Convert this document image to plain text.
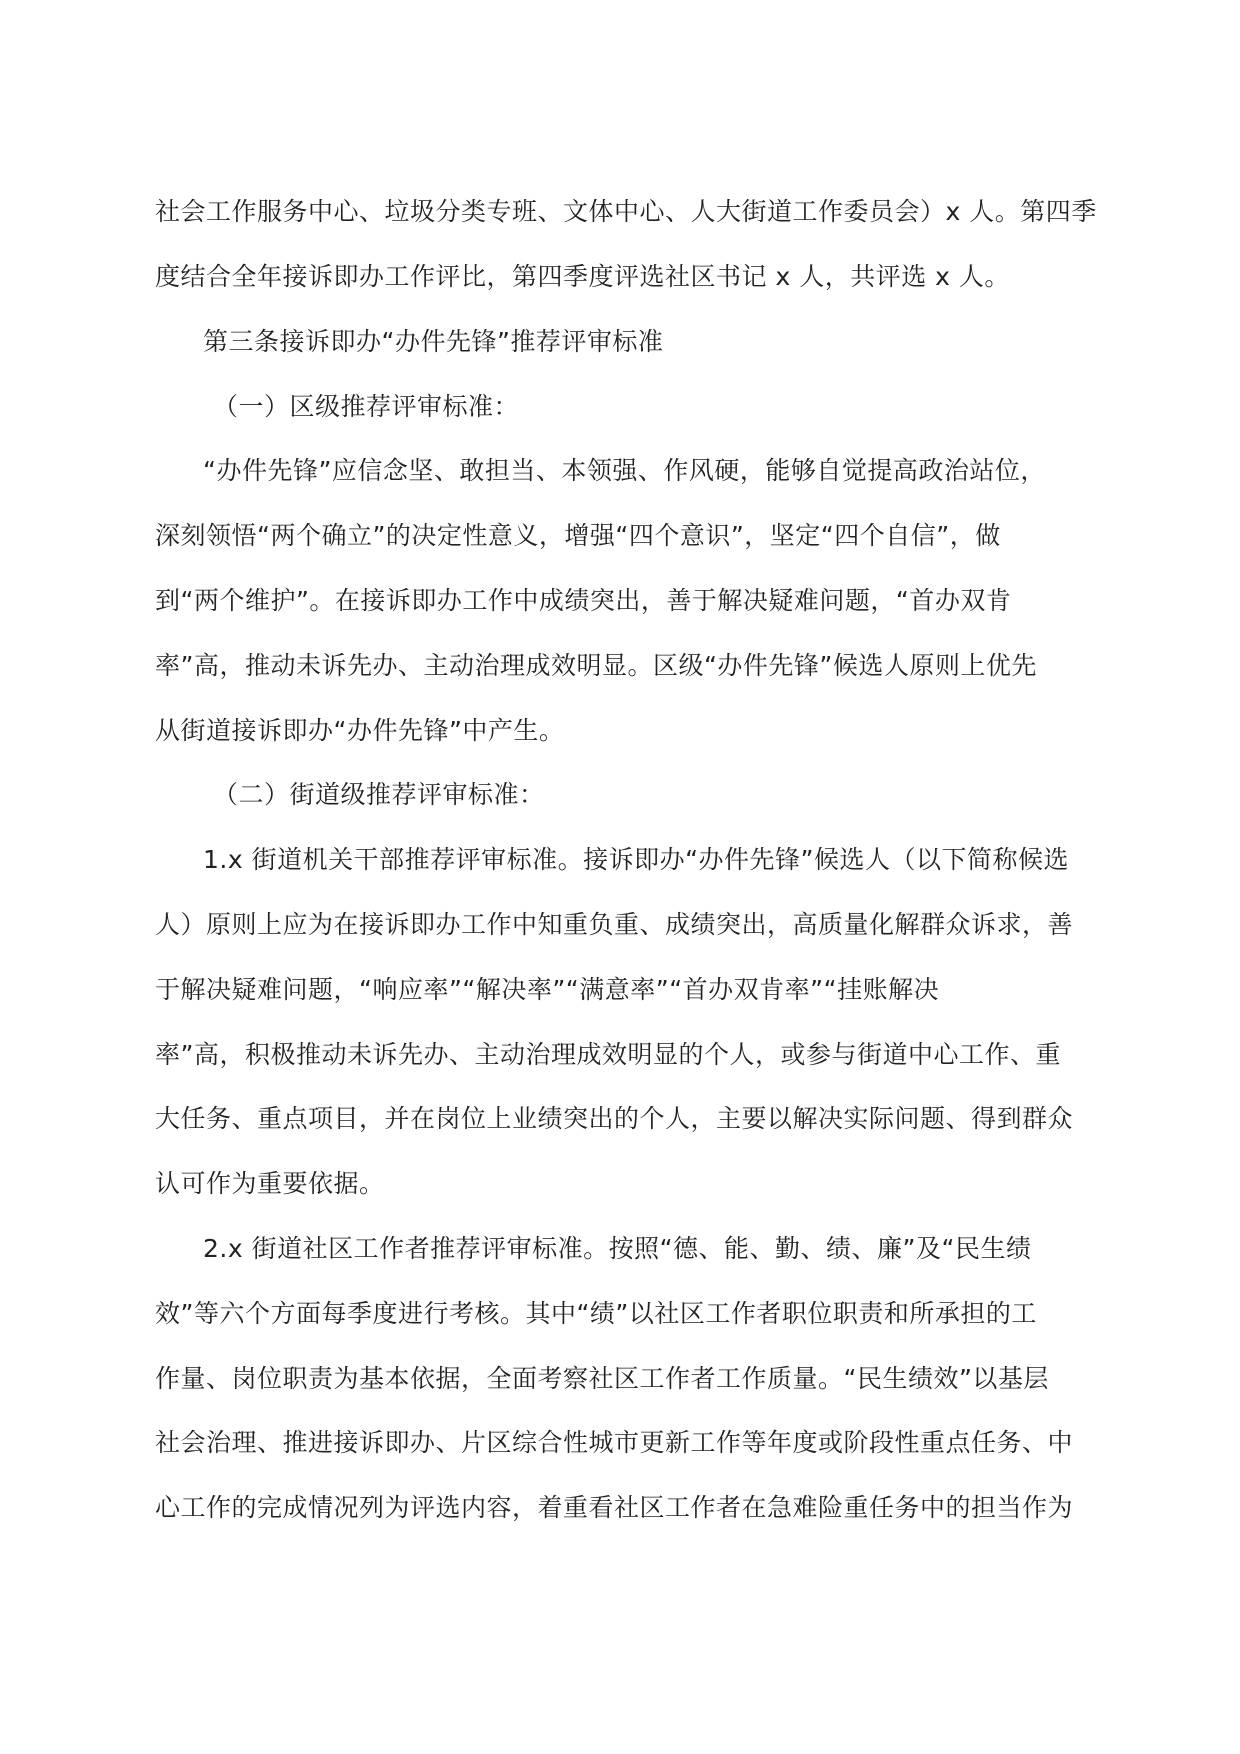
社会工作服务中心、垃圾分类专班、文体中心、人大街道工作委员会）x 人。第四季
度结合全年接诉即办工作评比，第四季度评选社区书记 x 人，共评选 x 人。
第三条接诉即办“办件先锋”推荐评审标准
（一）区级推荐评审标准：
“办件先锋”应信念坚、敢担当、本领强、作风硬，能够自觉提高政治站位，
深刻领悟“两个确立”的决定性意义，增强“四个意识”，坚定“四个自信”，做
到“两个维护”。在接诉即办工作中成绩突出，善于解决疑难问题，“首办双肯
率”高，推动未诉先办、主动治理成效明显。区级“办件先锋”候选人原则上优先
从街道接诉即办“办件先锋”中产生。
（二）街道级推荐评审标准：
1.x 街道机关干部推荐评审标准。接诉即办“办件先锋”候选人（以下简称候选
人）原则上应为在接诉即办工作中知重负重、成绩突出，高质量化解群众诉求，善
于解决疑难问题，“响应率”“解决率”“满意率”“首办双肯率”“挂账解决
率”高，积极推动未诉先办、主动治理成效明显的个人，或参与街道中心工作、重
大任务、重点项目，并在岗位上业绩突出的个人，主要以解决实际问题、得到群众
认可作为重要依据。
2.x 街道社区工作者推荐评审标准。按照“德、能、勤、绩、廉”及“民生绩
效”等六个方面每季度进行考核。其中“绩”以社区工作者职位职责和所承担的工
作量、岗位职责为基本依据，全面考察社区工作者工作质量。“民生绩效”以基层
社会治理、推进接诉即办、片区综合性城市更新工作等年度或阶段性重点任务、中
心工作的完成情况列为评选内容，着重看社区工作者在急难险重任务中的担当作为
